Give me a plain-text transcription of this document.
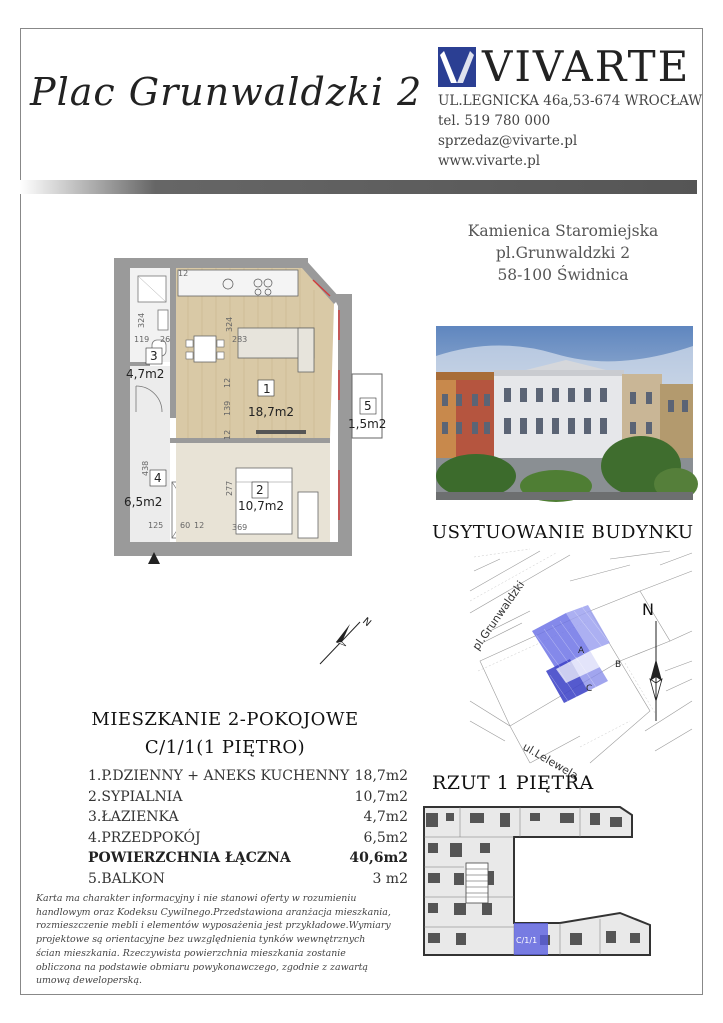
Plac Grunwaldzki 2
VIVARTE
UL.LEGNICKA 46a,53-674 WROCŁAW
tel. 519 780 000
sprzedaz@vivarte.pl
www.vivarte.pl
Kamienica Staromiejska
pl.Grunwaldzki 2
58-100 Świdnica
USYTUOWANIE BUDYNKU
A
B
C
pl.Grunwaldzki
ul.Lelewela
N
1
18,7m2
2
10,7m2
3
4,7m2
4
6,5m2
5
1,5m2
324	324
119 26	283
12
12
12
139
438
277
125 60 12	369
N
MIESZKANIE 2-POKOJOWE
C/1/1(1 PIĘTRO)
RZUT 1 PIĘTRA
C/1/1
1.P.DZIENNY + ANEKS KUCHENNY 18,7m2
2.SYPIALNIA	10,7m2
3.ŁAZIENKA	4,7m2
4.PRZEDPOKÓJ	6,5m2
POWIERZCHNIA ŁĄCZNA	40,6m2
5.BALKON	3 m2
Karta ma charakter informacyjny i nie stanowi oferty w rozumieniu handlowym oraz Kodeksu Cywilnego.Przedstawiona aranżacja mieszkania, rozmieszczenie mebli i elementów wyposażenia jest przykładowe.Wymiary projektowe są orientacyjne bez uwzględnienia tynków wewnętrznych ścian mieszkania. Rzeczywista powierzchnia mieszkania zostanie obliczona na podstawie obmiaru powykonawczego, zgodnie z zawartą umową deweloperską.
